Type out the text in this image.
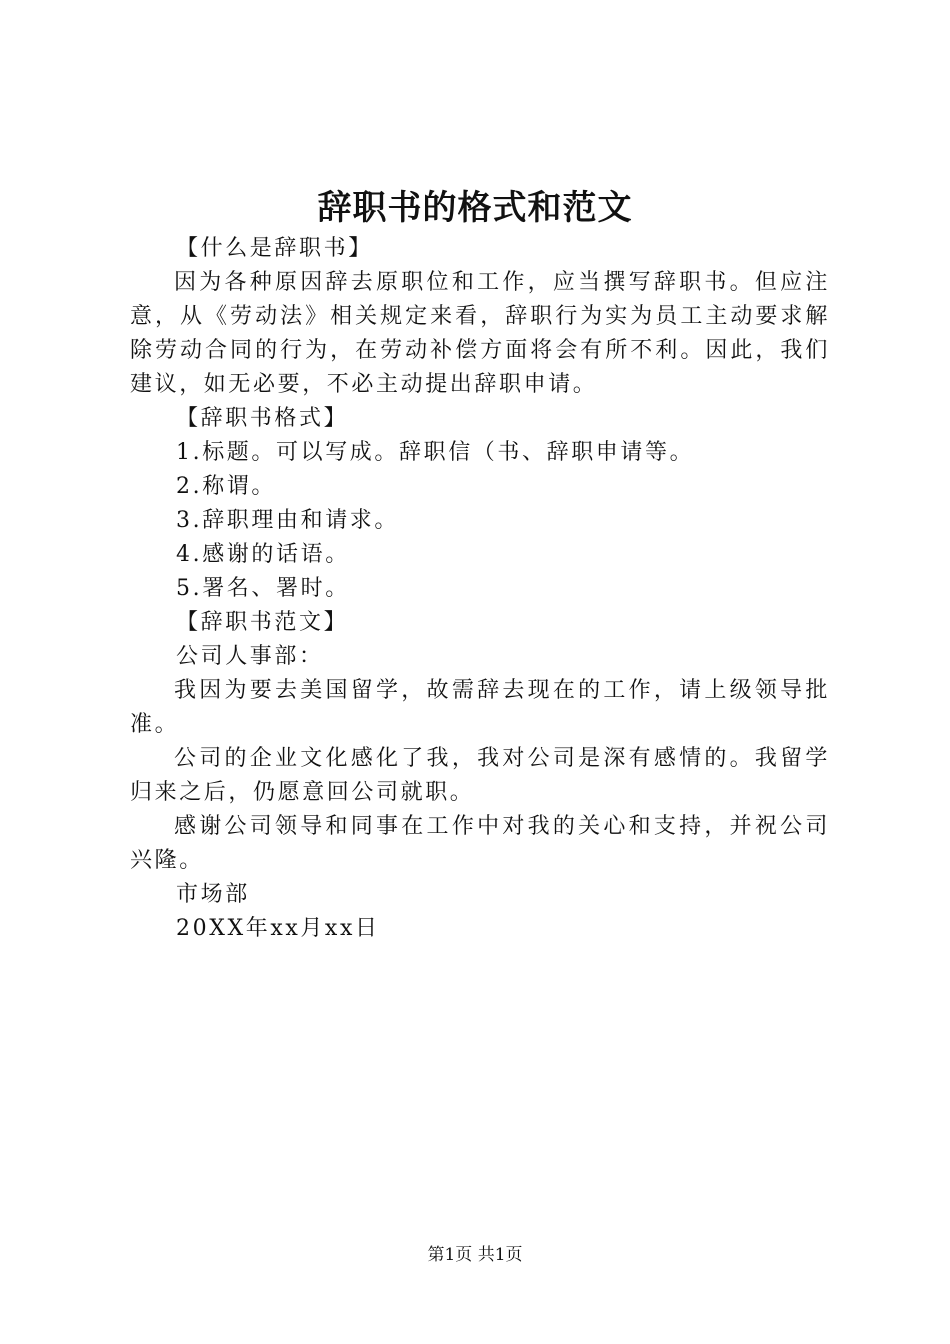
辞职书的格式和范文

【什么是辞职书】

因为各种原因辞去原职位和工作，应当撰写辞职书。但应注意，从《劳动法》相关规定来看，辞职行为实为员工主动要求解除劳动合同的行为，在劳动补偿方面将会有所不利。因此，我们建议，如无必要，不必主动提出辞职申请。

【辞职书格式】

1.标题。可以写成。辞职信（书、辞职申请等。

2.称谓。

3.辞职理由和请求。

4.感谢的话语。

5.署名、署时。

【辞职书范文】

公司人事部：

我因为要去美国留学，故需辞去现在的工作，请上级领导批准。

公司的企业文化感化了我，我对公司是深有感情的。我留学归来之后，仍愿意回公司就职。

感谢公司领导和同事在工作中对我的关心和支持，并祝公司兴隆。

市场部

20XX年xx月xx日

第1页 共1页
